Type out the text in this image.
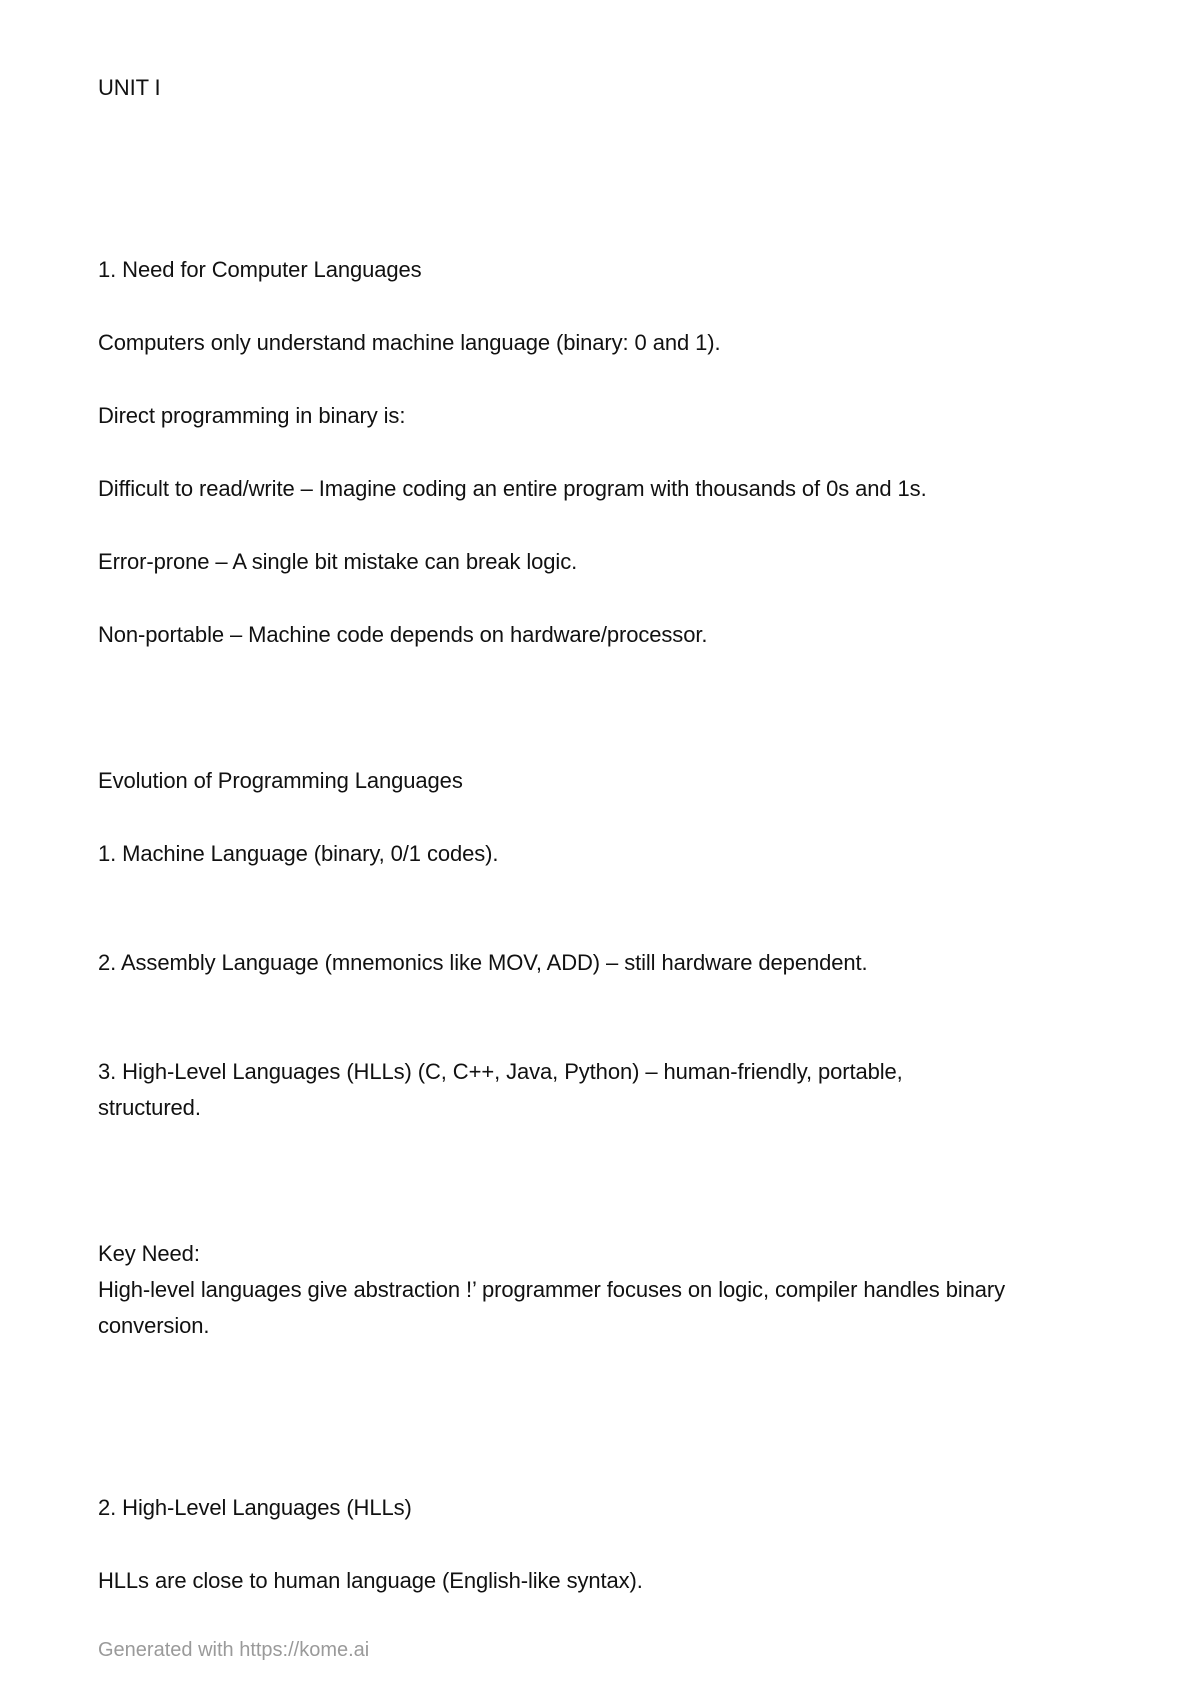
UNIT I
1. Need for Computer Languages
Computers only understand machine language (binary: 0 and 1).
Direct programming in binary is:
Difficult to read/write – Imagine coding an entire program with thousands of 0s and 1s.
Error-prone – A single bit mistake can break logic.
Non-portable – Machine code depends on hardware/processor.
Evolution of Programming Languages
1. Machine Language (binary, 0/1 codes).
2. Assembly Language (mnemonics like MOV, ADD) – still hardware dependent.
3. High-Level Languages (HLLs) (C, C++, Java, Python) – human-friendly, portable,
structured.
Key Need:
High-level languages give abstraction !’ programmer focuses on logic, compiler handles binary
conversion.
2. High-Level Languages (HLLs)
HLLs are close to human language (English-like syntax).
Generated with https://kome.ai
